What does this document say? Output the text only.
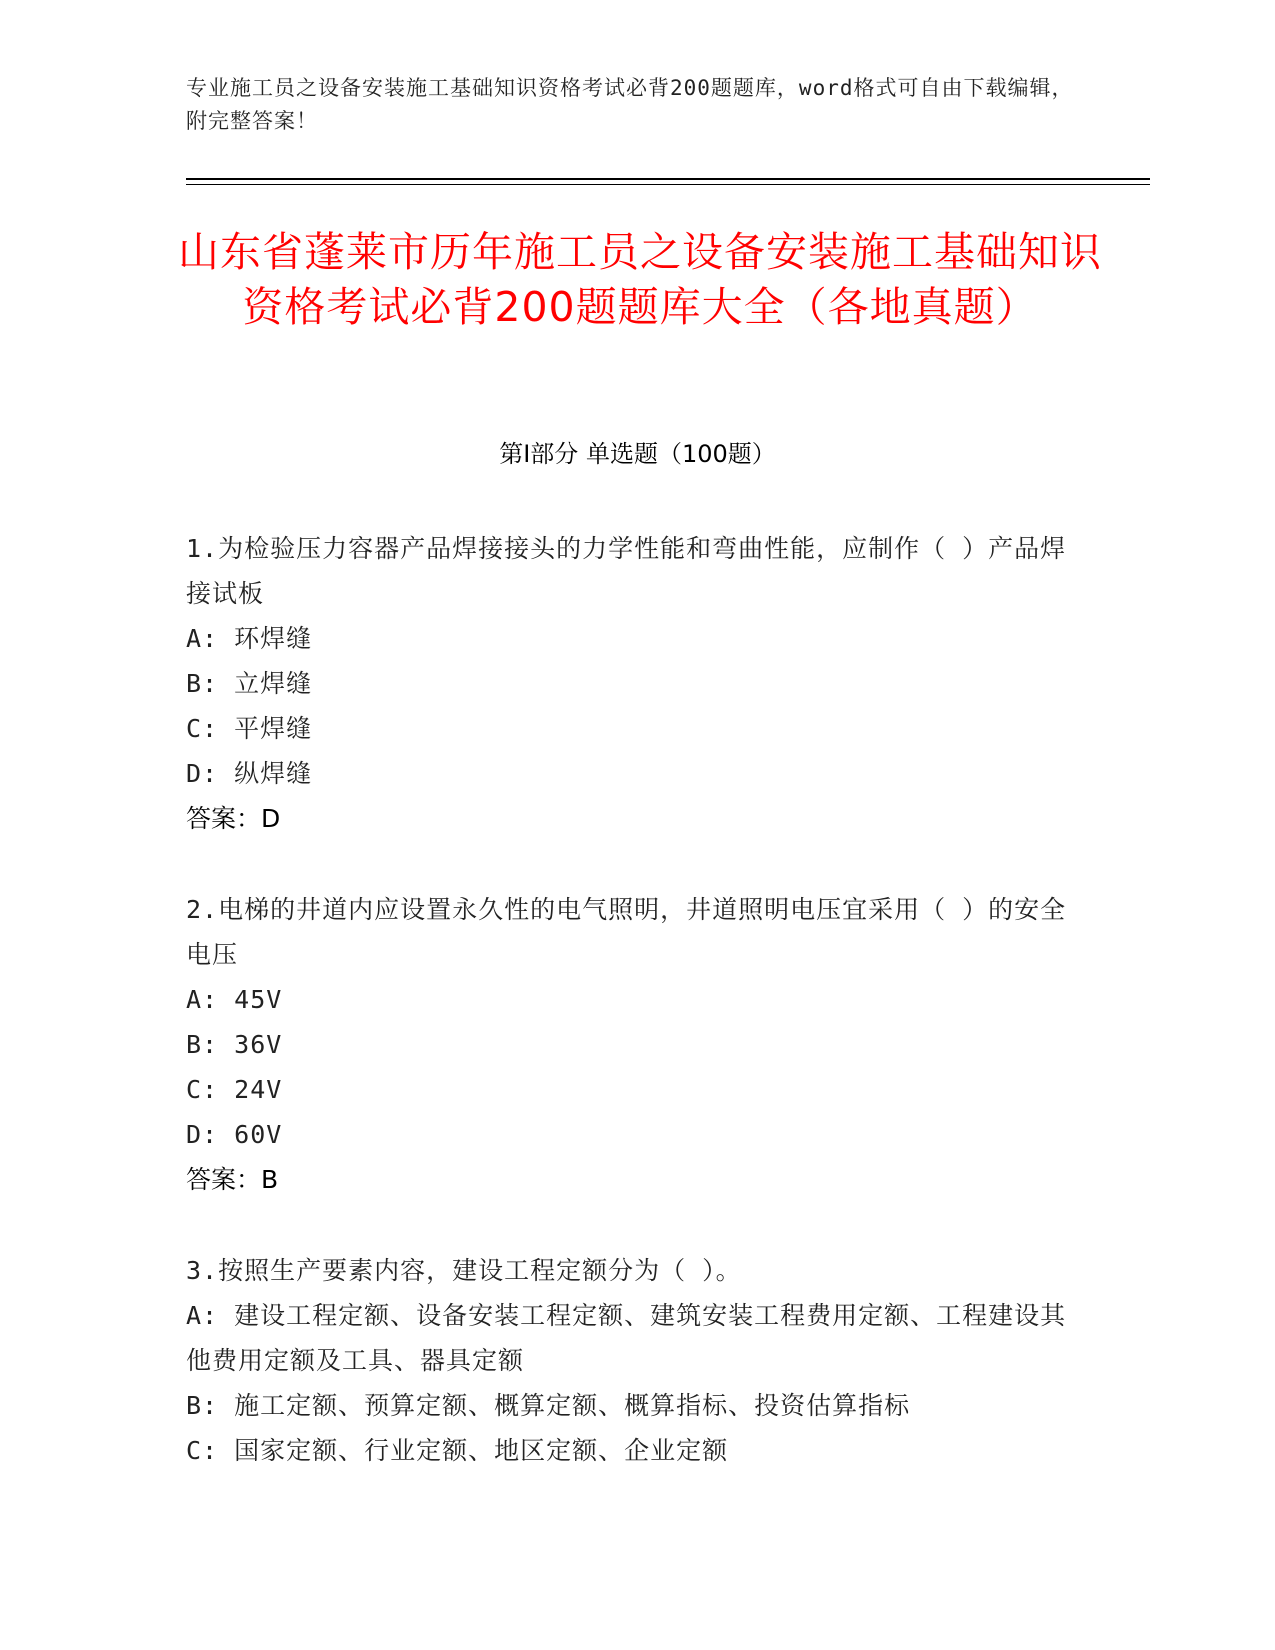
专业施工员之设备安装施工基础知识资格考试必背200题题库，word格式可自由下载编辑，附完整答案！
山东省蓬莱市历年施工员之设备安装施工基础知识资格考试必背200题题库大全（各地真题）
第Ⅰ部分 单选题（100题）
1.为检验压力容器产品焊接接头的力学性能和弯曲性能，应制作（ ）产品焊接试板
A: 环焊缝
B: 立焊缝
C: 平焊缝
D: 纵焊缝
答案：D
2.电梯的井道内应设置永久性的电气照明，井道照明电压宜采用（ ）的安全电压
A: 45V
B: 36V
C: 24V
D: 60V
答案：B
3.按照生产要素内容，建设工程定额分为（ ）。
A: 建设工程定额、设备安装工程定额、建筑安装工程费用定额、工程建设其他费用定额及工具、器具定额
B: 施工定额、预算定额、概算定额、概算指标、投资估算指标
C: 国家定额、行业定额、地区定额、企业定额
